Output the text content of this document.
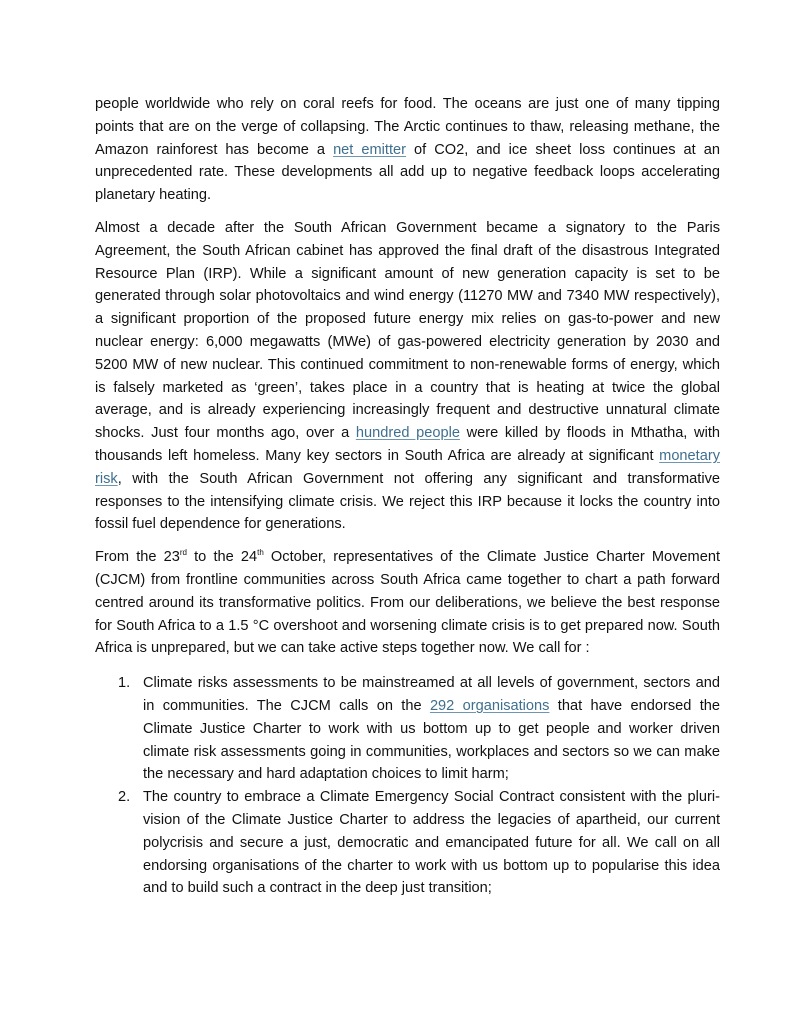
people worldwide who rely on coral reefs for food. The oceans are just one of many tipping points that are on the verge of collapsing. The Arctic continues to thaw, releasing methane, the Amazon rainforest has become a net emitter of CO2, and ice sheet loss continues at an unprecedented rate. These developments all add up to negative feedback loops accelerating planetary heating.

Almost a decade after the South African Government became a signatory to the Paris Agreement, the South African cabinet has approved the final draft of the disastrous Integrated Resource Plan (IRP). While a significant amount of new generation capacity is set to be generated through solar photovoltaics and wind energy (11270 MW and 7340 MW respectively), a significant proportion of the proposed future energy mix relies on gas-to-power and new nuclear energy: 6,000 megawatts (MWe) of gas-powered electricity generation by 2030 and 5200 MW of new nuclear. This continued commitment to non-renewable forms of energy, which is falsely marketed as ‘green’, takes place in a country that is heating at twice the global average, and is already experiencing increasingly frequent and destructive unnatural climate shocks. Just four months ago, over a hundred people were killed by floods in Mthatha, with thousands left homeless. Many key sectors in South Africa are already at significant monetary risk, with the South African Government not offering any significant and transformative responses to the intensifying climate crisis. We reject this IRP because it locks the country into fossil fuel dependence for generations.

From the 23rd to the 24th October, representatives of the Climate Justice Charter Movement (CJCM) from frontline communities across South Africa came together to chart a path forward centred around its transformative politics. From our deliberations, we believe the best response for South Africa to a 1.5 °C overshoot and worsening climate crisis is to get prepared now. South Africa is unprepared, but we can take active steps together now. We call for :

1. Climate risks assessments to be mainstreamed at all levels of government, sectors and in communities. The CJCM calls on the 292 organisations that have endorsed the Climate Justice Charter to work with us bottom up to get people and worker driven climate risk assessments going in communities, workplaces and sectors so we can make the necessary and hard adaptation choices to limit harm;
2. The country to embrace a Climate Emergency Social Contract consistent with the pluri-vision of the Climate Justice Charter to address the legacies of apartheid, our current polycrisis and secure a just, democratic and emancipated future for all. We call on all endorsing organisations of the charter to work with us bottom up to popularise this idea and to build such a contract in the deep just transition;
